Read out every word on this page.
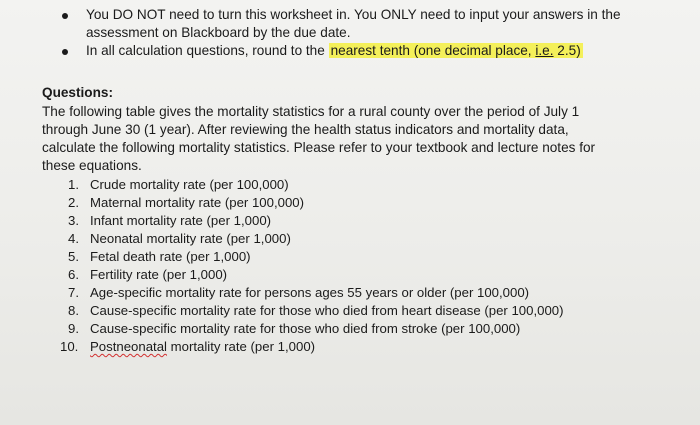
You DO NOT need to turn this worksheet in. You ONLY need to input your answers in the
assessment on Blackboard by the due date.
In all calculation questions, round to the nearest tenth (one decimal place, i.e. 2.5)
Questions:
The following table gives the mortality statistics for a rural county over the period of July 1
through June 30 (1 year). After reviewing the health status indicators and mortality data,
calculate the following mortality statistics. Please refer to your textbook and lecture notes for
these equations.
1. Crude mortality rate (per 100,000)
2. Maternal mortality rate (per 100,000)
3. Infant mortality rate (per 1,000)
4. Neonatal mortality rate (per 1,000)
5. Fetal death rate (per 1,000)
6. Fertility rate (per 1,000)
7. Age-specific mortality rate for persons ages 55 years or older (per 100,000)
8. Cause-specific mortality rate for those who died from heart disease (per 100,000)
9. Cause-specific mortality rate for those who died from stroke (per 100,000)
10. Postneonatal mortality rate (per 1,000)
